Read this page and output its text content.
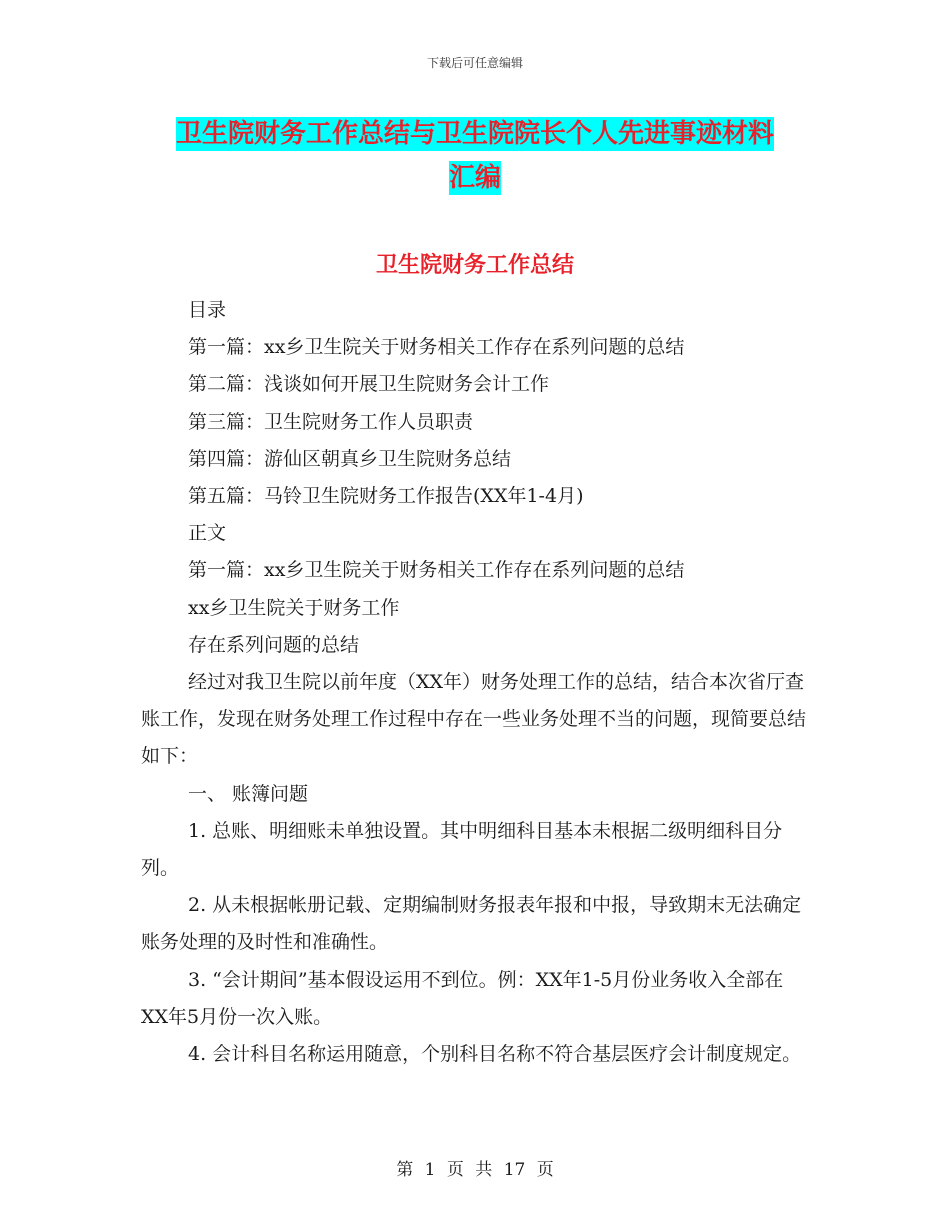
下载后可任意编辑
卫生院财务工作总结与卫生院院长个人先进事迹材料
汇编
卫生院财务工作总结

目录

第一篇：xx乡卫生院关于财务相关工作存在系列问题的总结

第二篇：浅谈如何开展卫生院财务会计工作

第三篇：卫生院财务工作人员职责

第四篇：游仙区朝真乡卫生院财务总结

第五篇：马铃卫生院财务工作报告(XX年1-4月)

正文

第一篇：xx乡卫生院关于财务相关工作存在系列问题的总结

xx乡卫生院关于财务工作

存在系列问题的总结

经过对我卫生院以前年度（XX年）财务处理工作的总结，结合本次省厅查账工作，发现在财务处理工作过程中存在一些业务处理不当的问题，现简要总结如下：

一、 账簿问题

1. 总账、明细账未单独设置。其中明细科目基本未根据二级明细科目分列。

2. 从未根据帐册记载、定期编制财务报表年报和中报，导致期末无法确定账务处理的及时性和准确性。

3. “会计期间”基本假设运用不到位。例：XX年1-5月份业务收入全部在XX年5月份一次入账。

4. 会计科目名称运用随意，个别科目名称不符合基层医疗会计制度规定。

第 1 页 共 17 页
